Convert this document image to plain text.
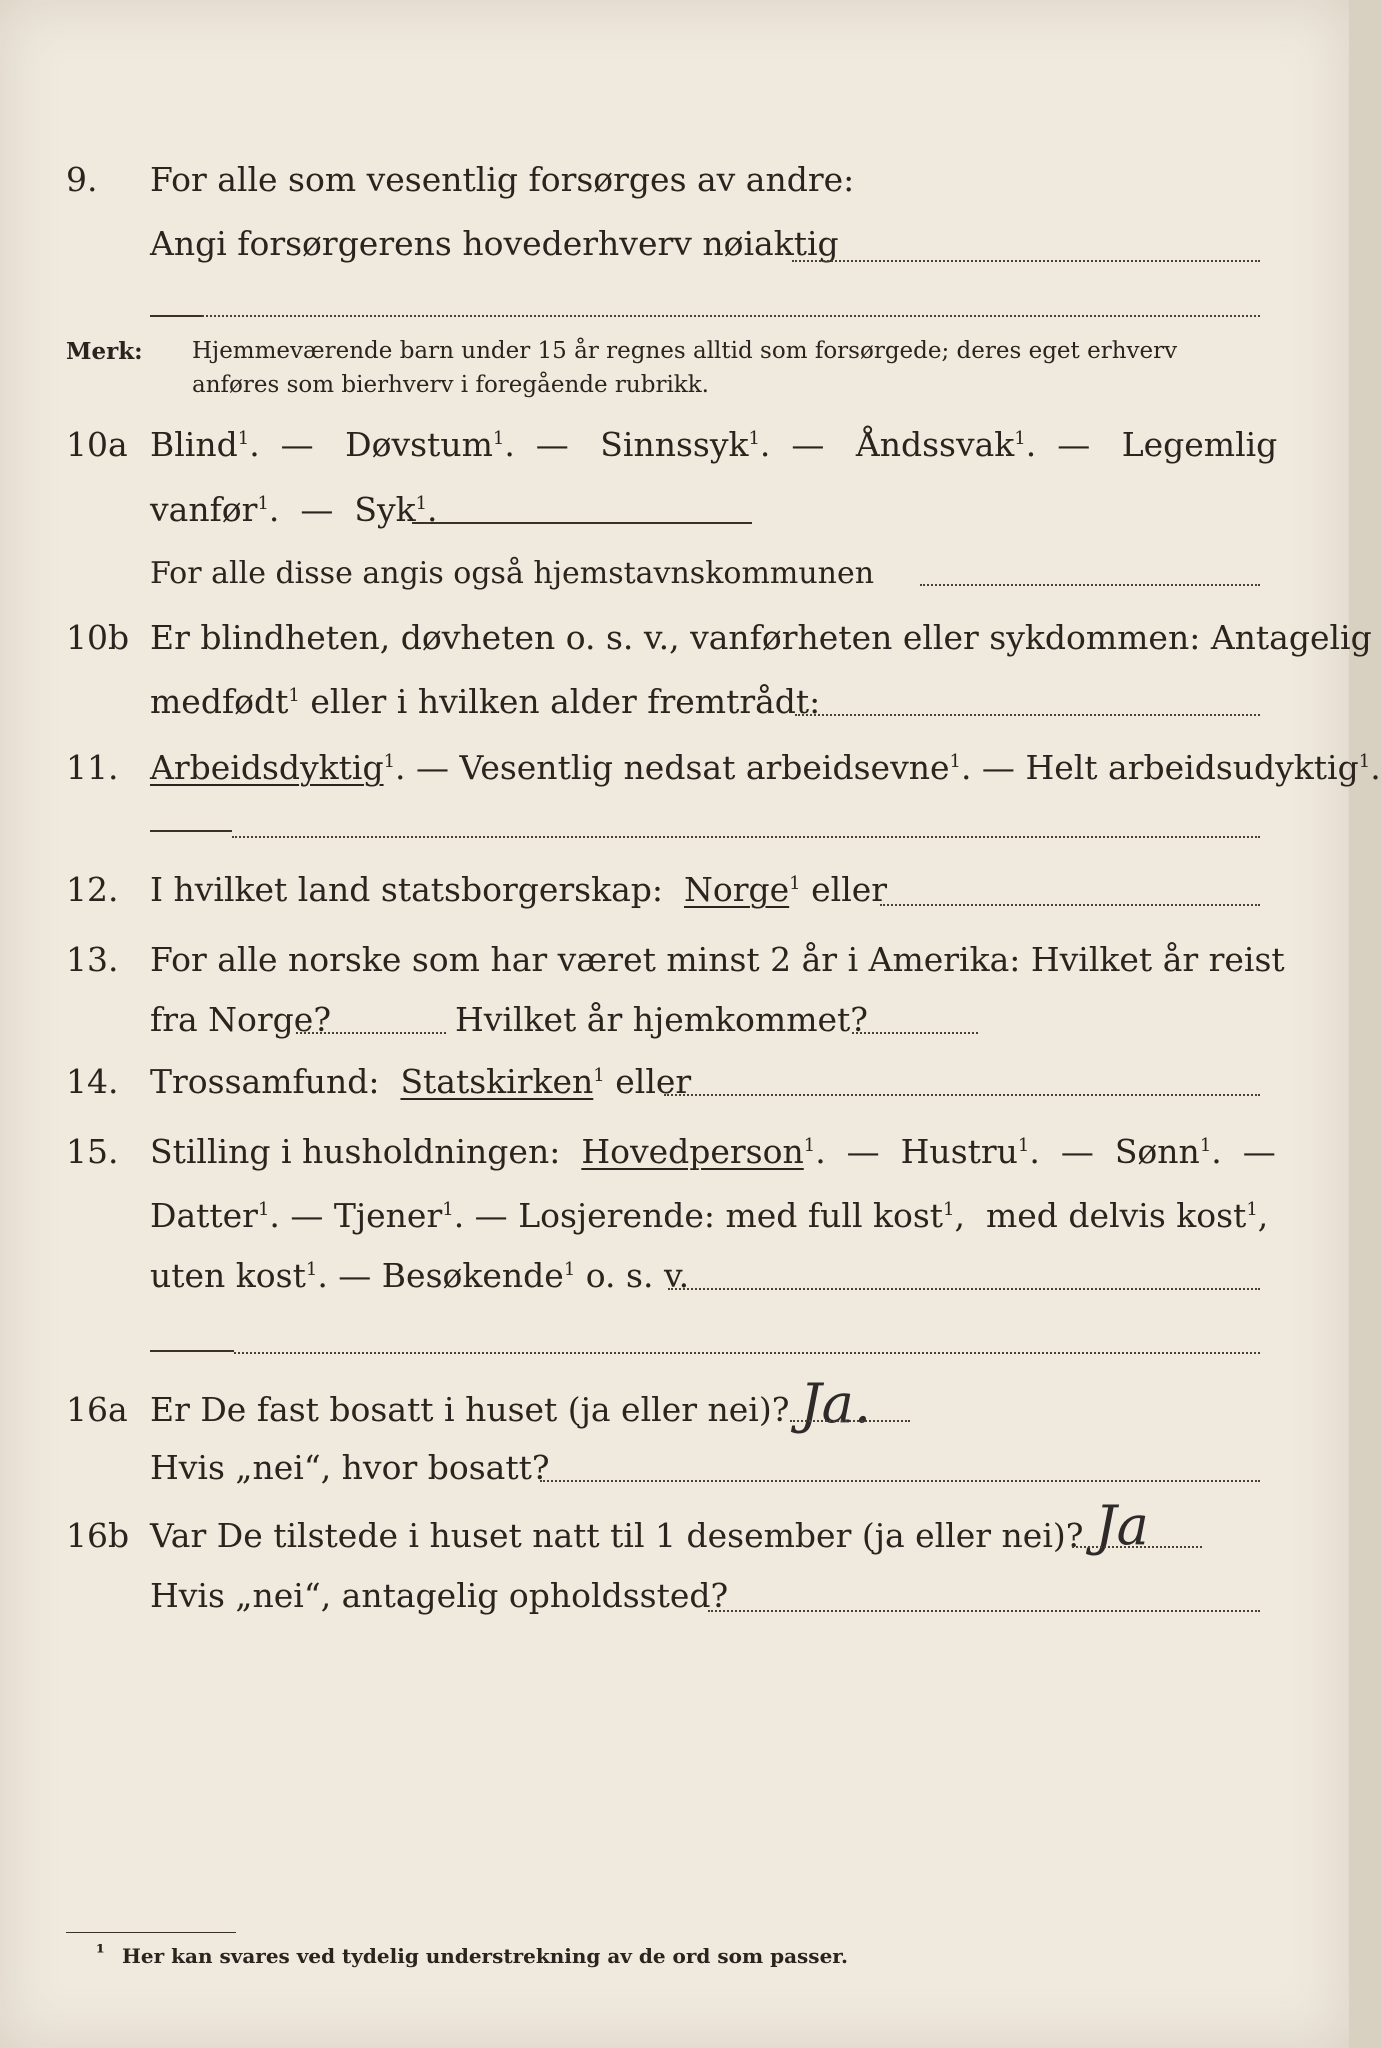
9. For alle som vesentlig forsørges av andre:
Angi forsørgerens hovederhverv nøiaktig
Merk: Hjemmeværende barn under 15 år regnes alltid som forsørgede; deres eget erhverv
anføres som bierhverv i foregående rubrikk.
10a Blind$^1$.  —   Døvstum$^1$.  —   Sinnssyk$^1$.  —   Åndssvak$^1$.  —   Legemlig
vanfør$^1$.  —  Syk$^1$.
For alle disse angis også hjemstavnskommunen
10b Er blindheten, døvheten o. s. v., vanførheten eller sykdommen: Antagelig
medfødt$^1$ eller i hvilken alder fremtrådt:
11. Arbeidsdyktig$^1$. — Vesentlig nedsat arbeidsevne$^1$. — Helt arbeidsudyktig$^1$.
12. I hvilket land statsborgerskap: Norge$^1$ eller
13. For alle norske som har været minst 2 år i Amerika: Hvilket år reist
fra Norge?	Hvilket år hjemkommet?
14. Trossamfund: Statskirken$^1$ eller
15. Stilling i husholdningen: Hovedperson$^1$.  —  Hustru$^1$.  —  Sønn$^1$.  —
Datter$^1$. — Tjener$^1$. — Losjerende: med full kost$^1$,  med delvis kost$^1$,
uten kost$^1$. — Besøkende$^1$ o. s. v.
16a Er De fast bosatt i huset (ja eller nei)? Ja.
Hvis „nei“, hvor bosatt?
16b Var De tilstede i huset natt til 1 desember (ja eller nei)? Ja
Hvis „nei“, antagelig opholdssted?
¹ Her kan svares ved tydelig understrekning av de ord som passer.
